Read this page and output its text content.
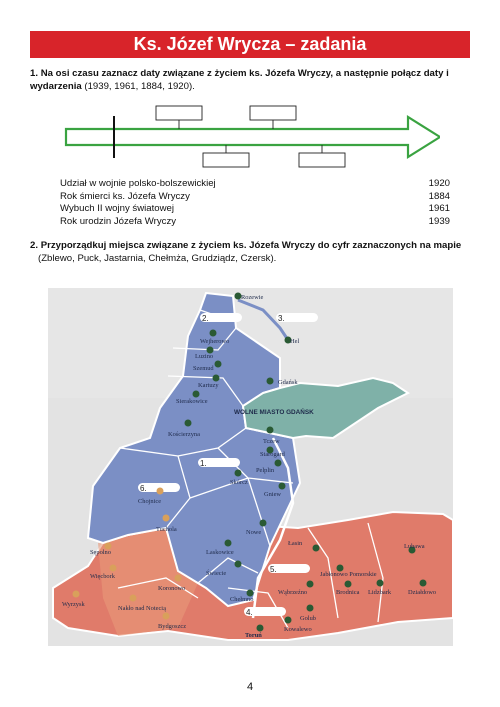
Ks. Józef Wrycza – zadania
1. Na osi czasu zaznacz daty związane z życiem ks. Józefa Wryczy, a następnie połącz daty i wydarzenia (1939, 1961, 1884, 1920).
Udział w wojnie polsko-bolszewickiej	1920
Rok śmierci ks. Józefa Wryczy	1884
Wybuch II wojny światowej	1961
Rok urodzin Józefa Wryczy	1939
2. Przyporządkuj miejsca związane z życiem ks. Józefa Wryczy do cyfr zaznaczonych na mapie
(Zblewo, Puck, Jastarnia, Chełmża, Grudziądz, Czersk).
1.
2.	3.
4.
5.
6.
Rozewie
Wejherowo	Hel
Luzino
Szemud
Kartuzy
Sierakowice
Gdańsk
WOLNE MIASTO GDAŃSK
Kościerzyna
Tczew
Starogard
Pelplin
Skórcz
Gniew
Chojnice
Tuchola	Nowe
Laskowice
Świecie
Sępolno
Więcbork
Koronowo
Wyrzysk
Nakło nad Notecią
Bydgoszcz
Chełmno
Toruń
Łasin
Wąbrzeźno
Jabłonowo Pomorskie
Brodnica
Golub
Kowalewo
Lubawa
Lidzbark	Działdowo
4
